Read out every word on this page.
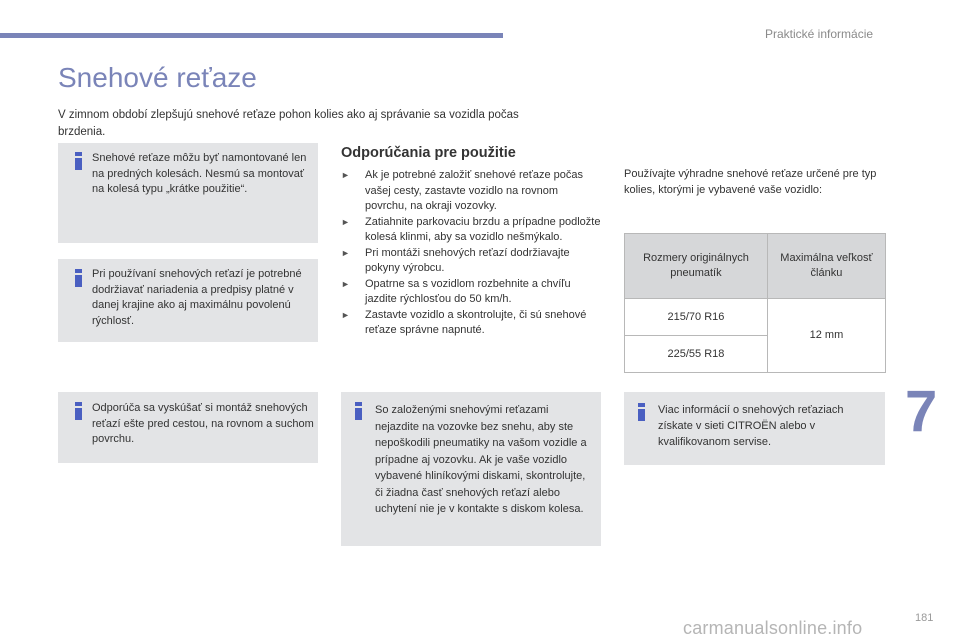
Praktické informácie
Snehové reťaze
V zimnom období zlepšujú snehové reťaze pohon kolies ako aj správanie sa vozidla počas brzdenia.
Snehové reťaze môžu byť namontované len na predných kolesách. Nesmú sa montovať na kolesá typu „krátke použitie“.
Pri používaní snehových reťazí je potrebné dodržiavať nariadenia a predpisy platné v danej krajine ako aj maximálnu povolenú rýchlosť.
Odporúča sa vyskúšať si montáž snehových reťazí ešte pred cestou, na rovnom a suchom povrchu.
Odporúčania pre použitie
► Ak je potrebné založiť snehové reťaze počas vašej cesty, zastavte vozidlo na rovnom povrchu, na okraji vozovky.
► Zatiahnite parkovaciu brzdu a prípadne podložte kolesá klinmi, aby sa vozidlo nešmýkalo.
► Pri montáži snehových reťazí dodržiavajte pokyny výrobcu.
► Opatrne sa s vozidlom rozbehnite a chvíľu jazdite rýchlosťou do 50 km/h.
► Zastavte vozidlo a skontrolujte, či sú snehové reťaze správne napnuté.
So založenými snehovými reťazami nejazdite na vozovke bez snehu, aby ste nepoškodili pneumatiky na vašom vozidle a prípadne aj vozovku. Ak je vaše vozidlo vybavené hliníkovými diskami, skontrolujte, či žiadna časť snehových reťazí alebo uchytení nie je v kontakte s diskom kolesa.
Používajte výhradne snehové reťaze určené pre typ kolies, ktorými je vybavené vaše vozidlo:
Rozmery originálnych pneumatík	Maximálna veľkosť článku
215/70 R16	12 mm
225/55 R18	
Viac informácií o snehových reťaziach získate v sieti CITROËN alebo v kvalifikovanom servise.	7
181
carmanualsonline.info
